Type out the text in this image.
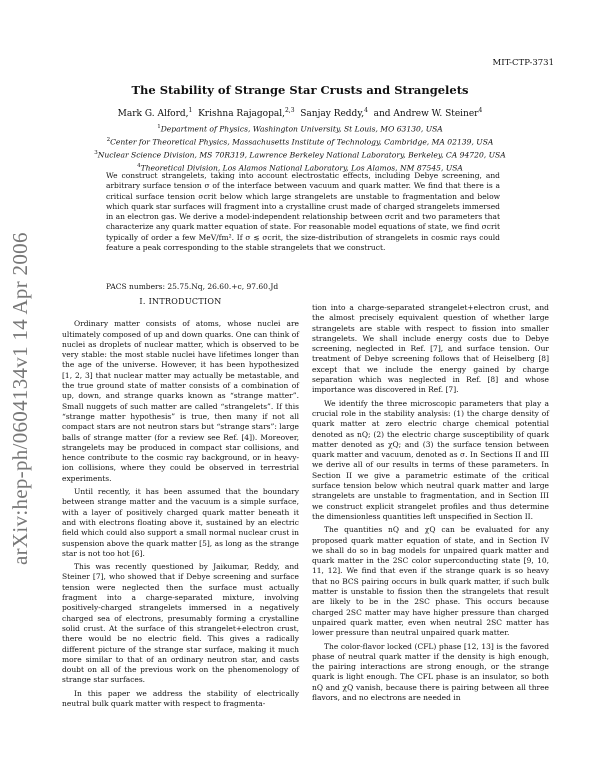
MIT-CTP-3731
arXiv:hep-ph/0604134v1 14 Apr 2006
The Stability of Strange Star Crusts and Strangelets
Mark G. Alford,$^1$ Krishna Rajagopal,$^{2,3}$ Sanjay Reddy,$^4$ and Andrew W. Steiner$^4$
$^1$Department of Physics, Washington University, St Louis, MO 63130, USA
$^2$Center for Theoretical Physics, Massachusetts Institute of Technology, Cambridge, MA 02139, USA
$^3$Nuclear Science Division, MS 70R319, Lawrence Berkeley National Laboratory, Berkeley, CA 94720, USA
$^4$Theoretical Division, Los Alamos National Laboratory, Los Alamos, NM 87545, USA
We construct strangelets, taking into account electrostatic effects, including Debye screening, and arbitrary surface tension σ of the interface between vacuum and quark matter. We find that there is a critical surface tension σcrit below which large strangelets are unstable to fragmentation and below which quark star surfaces will fragment into a crystalline crust made of charged strangelets immersed in an electron gas. We derive a model-independent relationship between σcrit and two parameters that characterize any quark matter equation of state. For reasonable model equations of state, we find σcrit typically of order a few MeV/fm². If σ ≲ σcrit, the size-distribution of strangelets in cosmic rays could feature a peak corresponding to the stable strangelets that we construct.
PACS numbers: 25.75.Nq, 26.60.+c, 97.60.Jd
I. INTRODUCTION

Ordinary matter consists of atoms, whose nuclei are ultimately composed of up and down quarks. One can think of nuclei as droplets of nuclear matter, which is observed to be very stable: the most stable nuclei have lifetimes longer than the age of the universe. However, it has been hypothesized [1, 2, 3] that nuclear matter may actually be metastable, and the true ground state of matter consists of a combination of up, down, and strange quarks known as “strange matter”. Small nuggets of such matter are called “strangelets”. If this “strange matter hypothesis” is true, then many if not all compact stars are not neutron stars but “strange stars”: large balls of strange matter (for a review see Ref. [4]). Moreover, strangelets may be produced in compact star collisions, and hence contribute to the cosmic ray background, or in heavy-ion collisions, where they could be observed in terrestrial experiments.

Until recently, it has been assumed that the boundary between strange matter and the vacuum is a simple surface, with a layer of positively charged quark matter beneath it and with electrons floating above it, sustained by an electric field which could also support a small normal nuclear crust in suspension above the quark matter [5], as long as the strange star is not too hot [6].

This was recently questioned by Jaikumar, Reddy, and Steiner [7], who showed that if Debye screening and surface tension were neglected then the surface must actually fragment into a charge-separated mixture, involving positively-charged strangelets immersed in a negatively charged sea of electrons, presumably forming a crystalline solid crust. At the surface of this strangelet+electron crust, there would be no electric field. This gives a radically different picture of the strange star surface, making it much more similar to that of an ordinary neutron star, and casts doubt on all of the previous work on the phenomenology of strange star surfaces.

In this paper we address the stability of electrically neutral bulk quark matter with respect to fragmenta-

tion into a charge-separated strangelet+electron crust, and the almost precisely equivalent question of whether large strangelets are stable with respect to fission into smaller strangelets. We shall include energy costs due to Debye screening, neglected in Ref. [7], and surface tension. Our treatment of Debye screening follows that of Heiselberg [8] except that we include the energy gained by charge separation which was neglected in Ref. [8] and whose importance was discovered in Ref. [7].

We identify the three microscopic parameters that play a crucial role in the stability analysis: (1) the charge density of quark matter at zero electric charge chemical potential denoted as nQ; (2) the electric charge susceptibility of quark matter denoted as χQ; and (3) the surface tension between quark matter and vacuum, denoted as σ. In Sections II and III we derive all of our results in terms of these parameters. In Section II we give a parametric estimate of the critical surface tension below which neutral quark matter and large strangelets are unstable to fragmentation, and in Section III we construct explicit strangelet profiles and thus determine the dimensionless quantities left unspecified in Section II.

The quantities nQ and χQ can be evaluated for any proposed quark matter equation of state, and in Section IV we shall do so in bag models for unpaired quark matter and quark matter in the 2SC color superconducting state [9, 10, 11, 12]. We find that even if the strange quark is so heavy that no BCS pairing occurs in bulk quark matter, if such bulk matter is unstable to fission then the strangelets that result are likely to be in the 2SC phase. This occurs because charged 2SC matter may have higher pressure than charged unpaired quark matter, even when neutral 2SC matter has lower pressure than neutral unpaired quark matter.

The color-flavor locked (CFL) phase [12, 13] is the favored phase of neutral quark matter if the density is high enough, the pairing interactions are strong enough, or the strange quark is light enough. The CFL phase is an insulator, so both nQ and χQ vanish, because there is pairing between all three flavors, and no electrons are needed in
